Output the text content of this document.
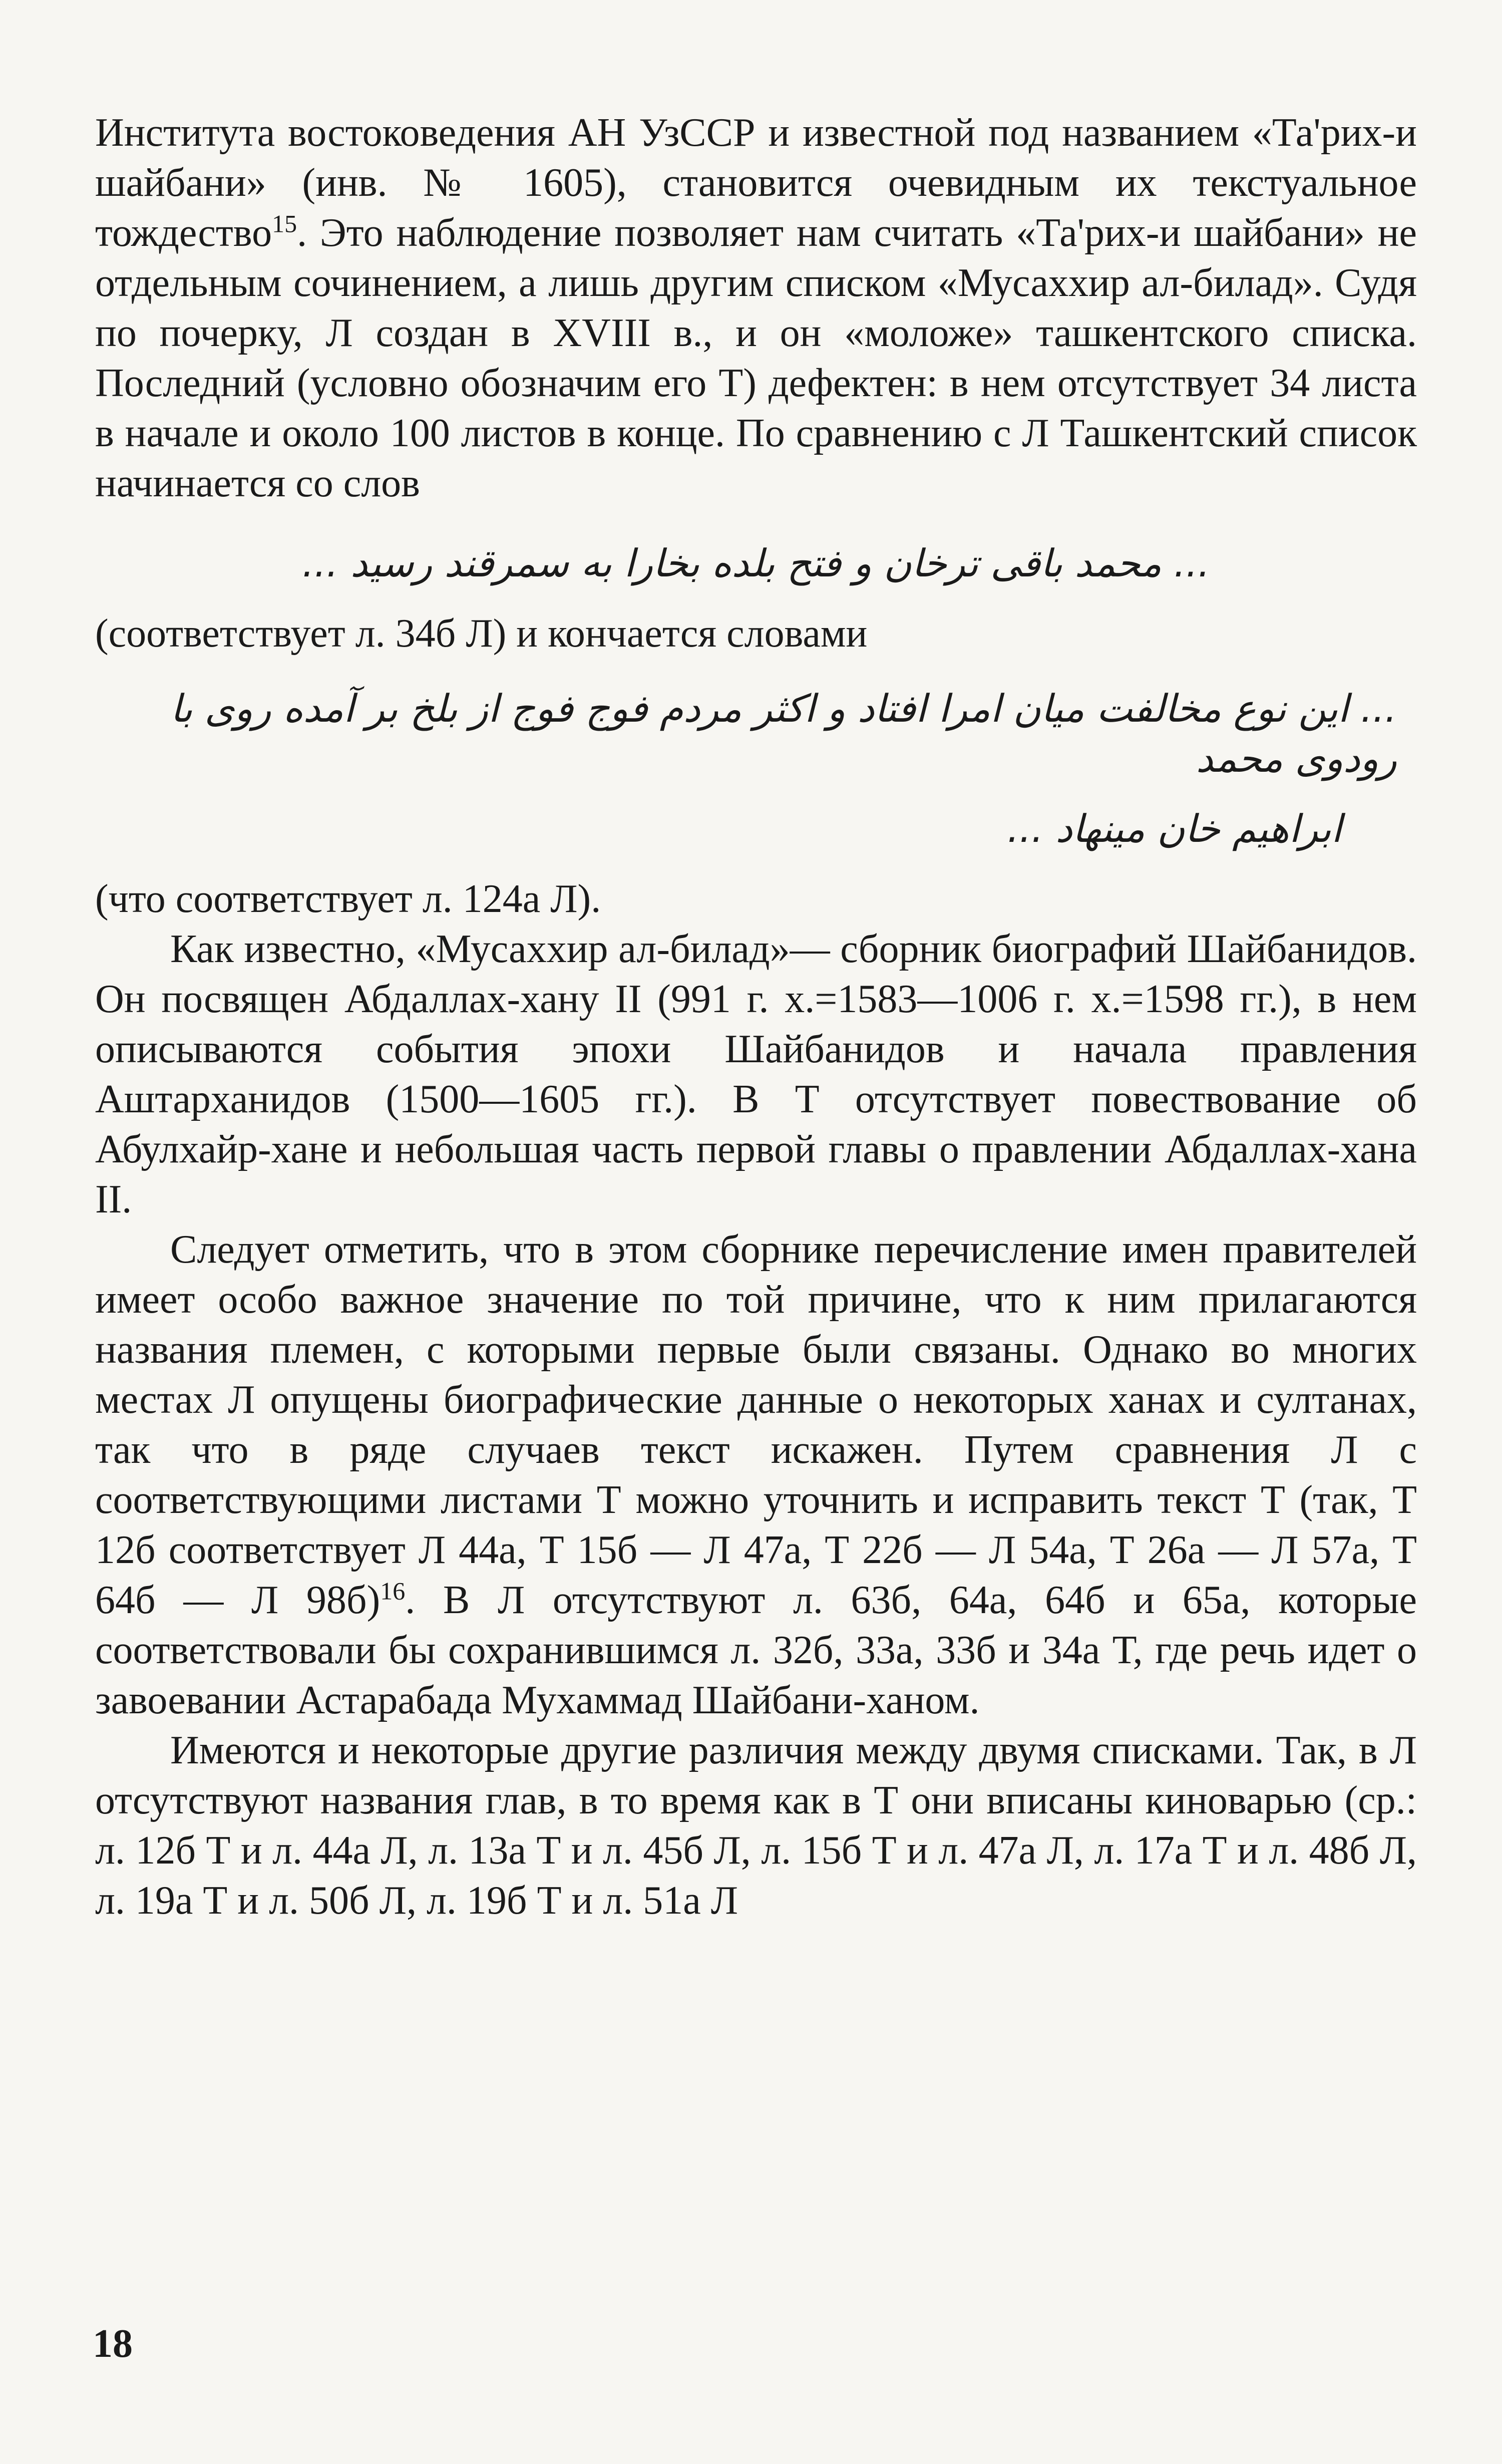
Института востоковедения АН УзССР и известной под названием «Та'рих-и шайбани» (инв. № 1605), становится очевидным их текстуальное тождество$^{15}$. Это наблюдение позволяет нам считать «Та'рих-и шайбани» не отдельным сочинением, а лишь другим списком «Мусаххир ал-билад». Судя по почерку, Л создан в XVIII в., и он «моложе» ташкентского списка. Последний (условно обозначим его Т) дефектен: в нем отсутствует 34 листа в начале и около 100 листов в конце. По сравнению с Л Ташкентский список начинается со слов

... محمد باقی ترخان و فتح بلده بخارا به سمرقند رسید ...

(соответствует л. 34б Л) и кончается словами

... این نوع مخالفت میان امرا افتاد و اکثر مردم فوج فوج از بلخ بر آمده روی با رودوی محمد
ابراهیم خان مینهاد ...

(что соответствует л. 124а Л).

Как известно, «Мусаххир ал-билад»— сборник биографий Шайбанидов. Он посвящен Абдаллах-хану II (991 г. х.=1583—1006 г. х.=1598 гг.), в нем описываются события эпохи Шайбанидов и начала правления Аштарханидов (1500—1605 гг.). В Т отсутствует повествование об Абулхайр-хане и небольшая часть первой главы о правлении Абдаллах-хана II.

Следует отметить, что в этом сборнике перечисление имен правителей имеет особо важное значение по той причине, что к ним прилагаются названия племен, с которыми первые были связаны. Однако во многих местах Л опущены биографические данные о некоторых ханах и султанах, так что в ряде случаев текст искажен. Путем сравнения Л с соответствующими листами Т можно уточнить и исправить текст Т (так, Т 12б соответствует Л 44а, Т 15б — Л 47а, Т 22б — Л 54а, Т 26а — Л 57а, Т 64б — Л 98б)$^{16}$. В Л отсутствуют л. 63б, 64а, 64б и 65а, которые соответствовали бы сохранившимся л. 32б, 33а, 33б и 34а Т, где речь идет о завоевании Астарабада Мухаммад Шайбани-ханом.

Имеются и некоторые другие различия между двумя списками. Так, в Л отсутствуют названия глав, в то время как в Т они вписаны киноварью (ср.: л. 12б Т и л. 44а Л, л. 13а Т и л. 45б Л, л. 15б Т и л. 47а Л, л. 17а Т и л. 48б Л, л. 19а Т и л. 50б Л, л. 19б Т и л. 51а Л

18
